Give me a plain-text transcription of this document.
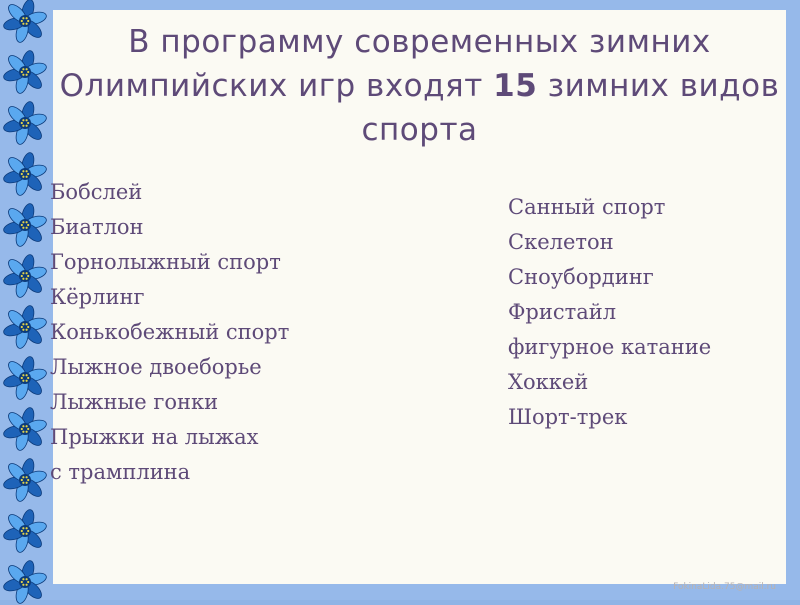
В программу современных зимних Олимпийских игр входят 15 зимних видов спорта
Бобслей
Биатлон
Горнолыжный спорт
Кёрлинг
Конькобежный спорт
Лыжное двоеборье
Лыжные гонки
Прыжки на лыжах
с трамплина
Санный спорт
Скелетон
Сноубординг
Фристайл
фигурное катание
Хоккей
Шорт-трек
FokinaLida.75@mail.ru
